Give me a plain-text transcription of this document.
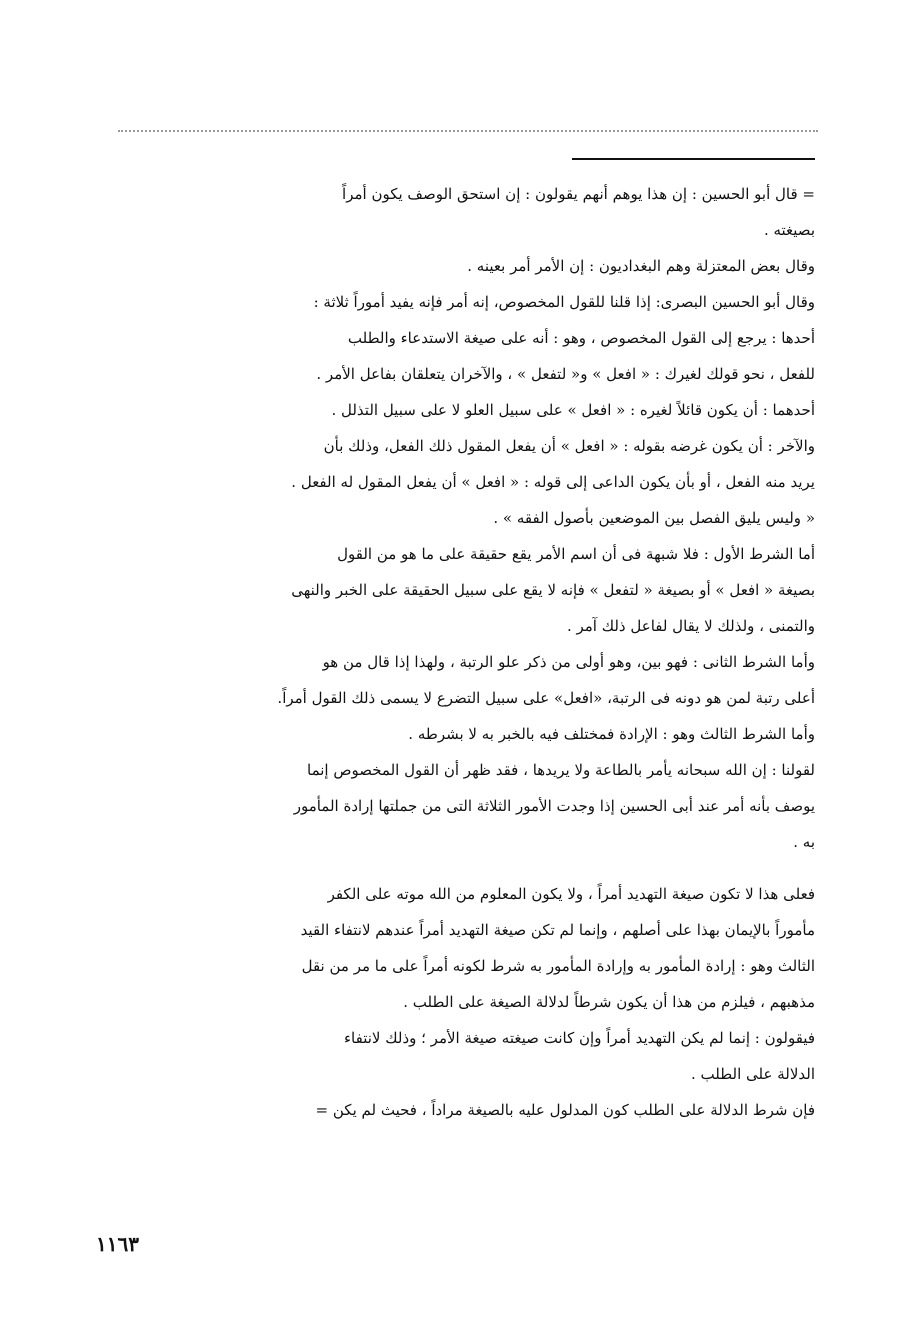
= قال أبو الحسين : إن هذا يوهم أنهم يقولون : إن استحق الوصف يكون أمراً
بصيغته .
وقال بعض المعتزلة وهم البغداديون : إن الأمر أمر بعينه .
وقال أبو الحسين البصرى: إذا قلنا للقول المخصوص، إنه أمر فإنه يفيد أموراً ثلاثة :
أحدها : يرجع إلى القول المخصوص ، وهو : أنه على صيغة الاستدعاء والطلب
للفعل ، نحو قولك لغيرك : « افعل » و« لتفعل » ، والآخران يتعلقان بفاعل الأمر .
أحدهما : أن يكون قائلاً لغيره : « افعل » على سبيل العلو لا على سبيل التذلل .
والآخر : أن يكون غرضه بقوله : « افعل » أن يفعل المقول ذلك الفعل، وذلك بأن
يريد منه الفعل ، أو بأن يكون الداعى إلى قوله : « افعل » أن يفعل المقول له الفعل .
« وليس يليق الفصل بين الموضعين بأصول الفقه » .
أما الشرط الأول : فلا شبهة فى أن اسم الأمر يقع حقيقة على ما هو من القول
بصيغة « افعل » أو بصيغة « لتفعل » فإنه لا يقع على سبيل الحقيقة على الخبر والنهى
والتمنى ، ولذلك لا يقال لفاعل ذلك آمر .
وأما الشرط الثانى : فهو بين، وهو أولى من ذكر علو الرتبة ، ولهذا إذا قال من هو
أعلى رتبة لمن هو دونه فى الرتبة، «افعل» على سبيل التضرع لا يسمى ذلك القول أمراً.
وأما الشرط الثالث وهو : الإرادة فمختلف فيه بالخبر به لا بشرطه .
لقولنا : إن الله سبحانه يأمر بالطاعة ولا يريدها ، فقد ظهر أن القول المخصوص إنما
يوصف بأنه أمر عند أبى الحسين إذا وجدت الأمور الثلاثة التى من جملتها إرادة المأمور
به .
فعلى هذا لا تكون صيغة التهديد أمراً ، ولا يكون المعلوم من الله موته على الكفر
مأموراً بالإيمان بهذا على أصلهم ، وإنما لم تكن صيغة التهديد أمراً عندهم لانتفاء القيد
الثالث وهو : إرادة المأمور به وإرادة المأمور به شرط لكونه أمراً على ما مر من نقل
مذهبهم ، فيلزم من هذا أن يكون شرطاً لدلالة الصيغة على الطلب .
فيقولون : إنما لم يكن التهديد أمراً وإن كانت صيغته صيغة الأمر ؛ وذلك لانتفاء
الدلالة على الطلب .
فإن شرط الدلالة على الطلب كون المدلول عليه بالصيغة مراداً ، فحيث لم يكن =
١١٦٣
